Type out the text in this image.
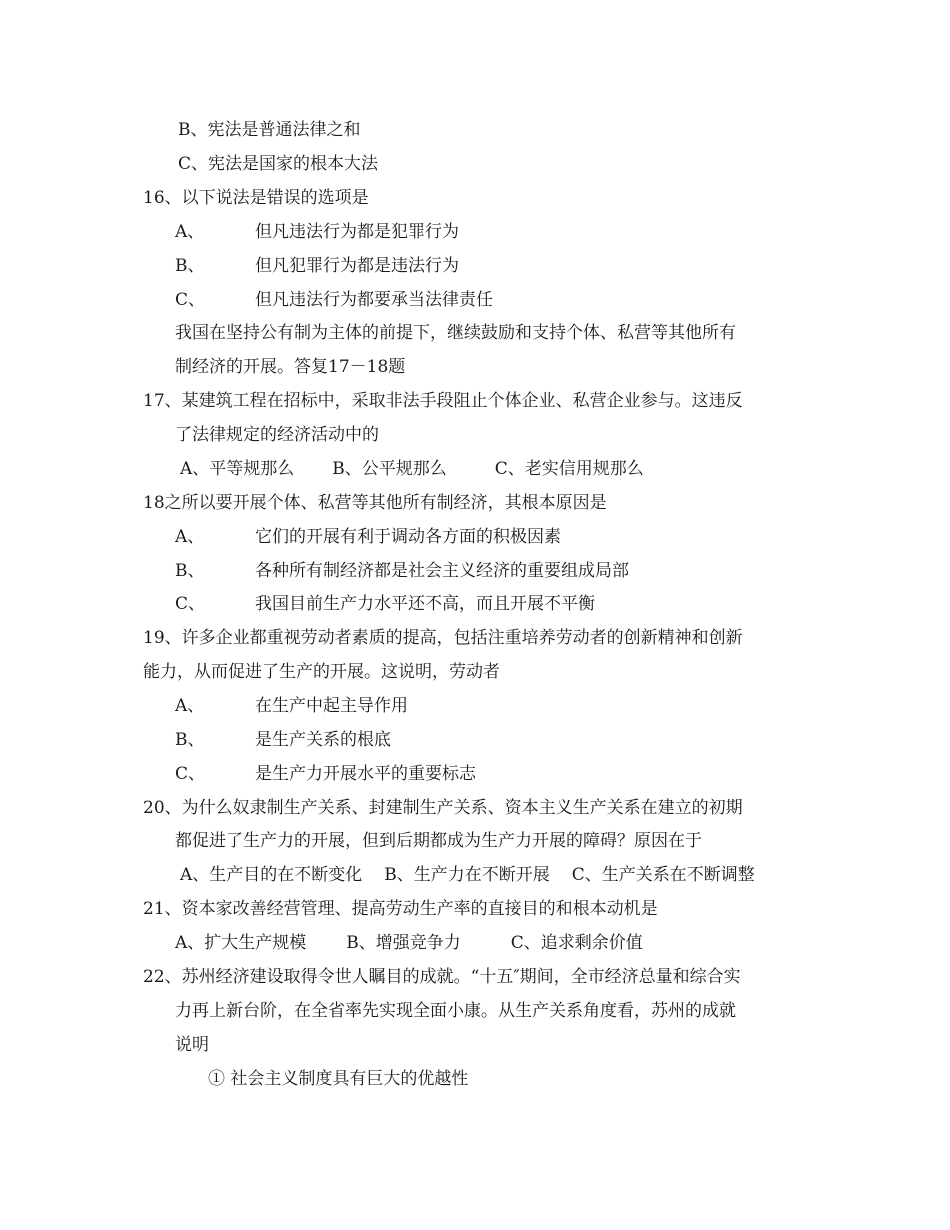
B、宪法是普通法律之和
C、宪法是国家的根本大法
16、以下说法是错误的选项是
A、	但凡违法行为都是犯罪行为
B、	但凡犯罪行为都是违法行为
C、	但凡违法行为都要承当法律责任
我国在坚持公有制为主体的前提下，继续鼓励和支持个体、私营等其他所有
制经济的开展。答复17－18题
17、某建筑工程在招标中，采取非法手段阻止个体企业、私营企业参与。这违反
了法律规定的经济活动中的
A、平等规那么 B、公平规那么	C、老实信用规那么
18之所以要开展个体、私营等其他所有制经济，其根本原因是
A、	它们的开展有利于调动各方面的积极因素
B、	各种所有制经济都是社会主义经济的重要组成局部
C、	我国目前生产力水平还不高，而且开展不平衡
19、许多企业都重视劳动者素质的提高，包括注重培养劳动者的创新精神和创新
能力，从而促进了生产的开展。这说明，劳动者
A、	在生产中起主导作用
B、	是生产关系的根底
C、	是生产力开展水平的重要标志
20、为什么奴隶制生产关系、封建制生产关系、资本主义生产关系在建立的初期
都促进了生产力的开展，但到后期都成为生产力开展的障碍？原因在于
A、生产目的在不断变化 B、生产力在不断开展 C、生产关系在不断调整
21、资本家改善经营管理、提高劳动生产率的直接目的和根本动机是
A、扩大生产规模 B、增强竞争力	C、追求剩余价值
22、苏州经济建设取得令世人瞩目的成就。“十五″期间，全市经济总量和综合实
力再上新台阶，在全省率先实现全面小康。从生产关系角度看，苏州的成就
说明
① 社会主义制度具有巨大的优越性
